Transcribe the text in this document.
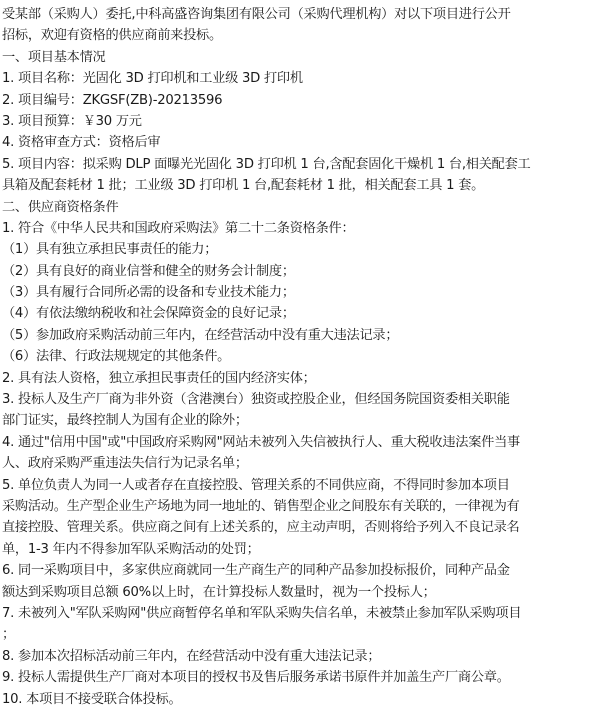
受某部（采购人）委托,中科高盛咨询集团有限公司（采购代理机构）对以下项目进行公开
招标，欢迎有资格的供应商前来投标。
一、项目基本情况
1. 项目名称：光固化 3D 打印机和工业级 3D 打印机
2. 项目编号：ZKGSF(ZB)-20213596
3. 项目预算：￥30 万元
4. 资格审查方式：资格后审
5. 项目内容：拟采购 DLP 面曝光光固化 3D 打印机 1 台,含配套固化干燥机 1 台,相关配套工
具箱及配套耗材 1 批；工业级 3D 打印机 1 台,配套耗材 1 批，相关配套工具 1 套。
二、供应商资格条件
1. 符合《中华人民共和国政府采购法》第二十二条资格条件：
（1）具有独立承担民事责任的能力；
（2）具有良好的商业信誉和健全的财务会计制度；
（3）具有履行合同所必需的设备和专业技术能力；
（4）有依法缴纳税收和社会保障资金的良好记录；
（5）参加政府采购活动前三年内，在经营活动中没有重大违法记录；
（6）法律、行政法规规定的其他条件。
2. 具有法人资格，独立承担民事责任的国内经济实体；
3. 投标人及生产厂商为非外资（含港澳台）独资或控股企业，但经国务院国资委相关职能
部门证实，最终控制人为国有企业的除外；
4. 通过"信用中国"或"中国政府采购网"网站未被列入失信被执行人、重大税收违法案件当事
人、政府采购严重违法失信行为记录名单；
5. 单位负责人为同一人或者存在直接控股、管理关系的不同供应商，不得同时参加本项目
采购活动。生产型企业生产场地为同一地址的、销售型企业之间股东有关联的，一律视为有
直接控股、管理关系。供应商之间有上述关系的，应主动声明，否则将给予列入不良记录名
单，1-3 年内不得参加军队采购活动的处罚；
6. 同一采购项目中，多家供应商就同一生产商生产的同种产品参加投标报价，同种产品金
额达到采购项目总额 60%以上时，在计算投标人数量时，视为一个投标人；
7. 未被列入"军队采购网"供应商暂停名单和军队采购失信名单，未被禁止参加军队采购项目
；
8. 参加本次招标活动前三年内，在经营活动中没有重大违法记录；
9. 投标人需提供生产厂商对本项目的授权书及售后服务承诺书原件并加盖生产厂商公章。
10. 本项目不接受联合体投标。
